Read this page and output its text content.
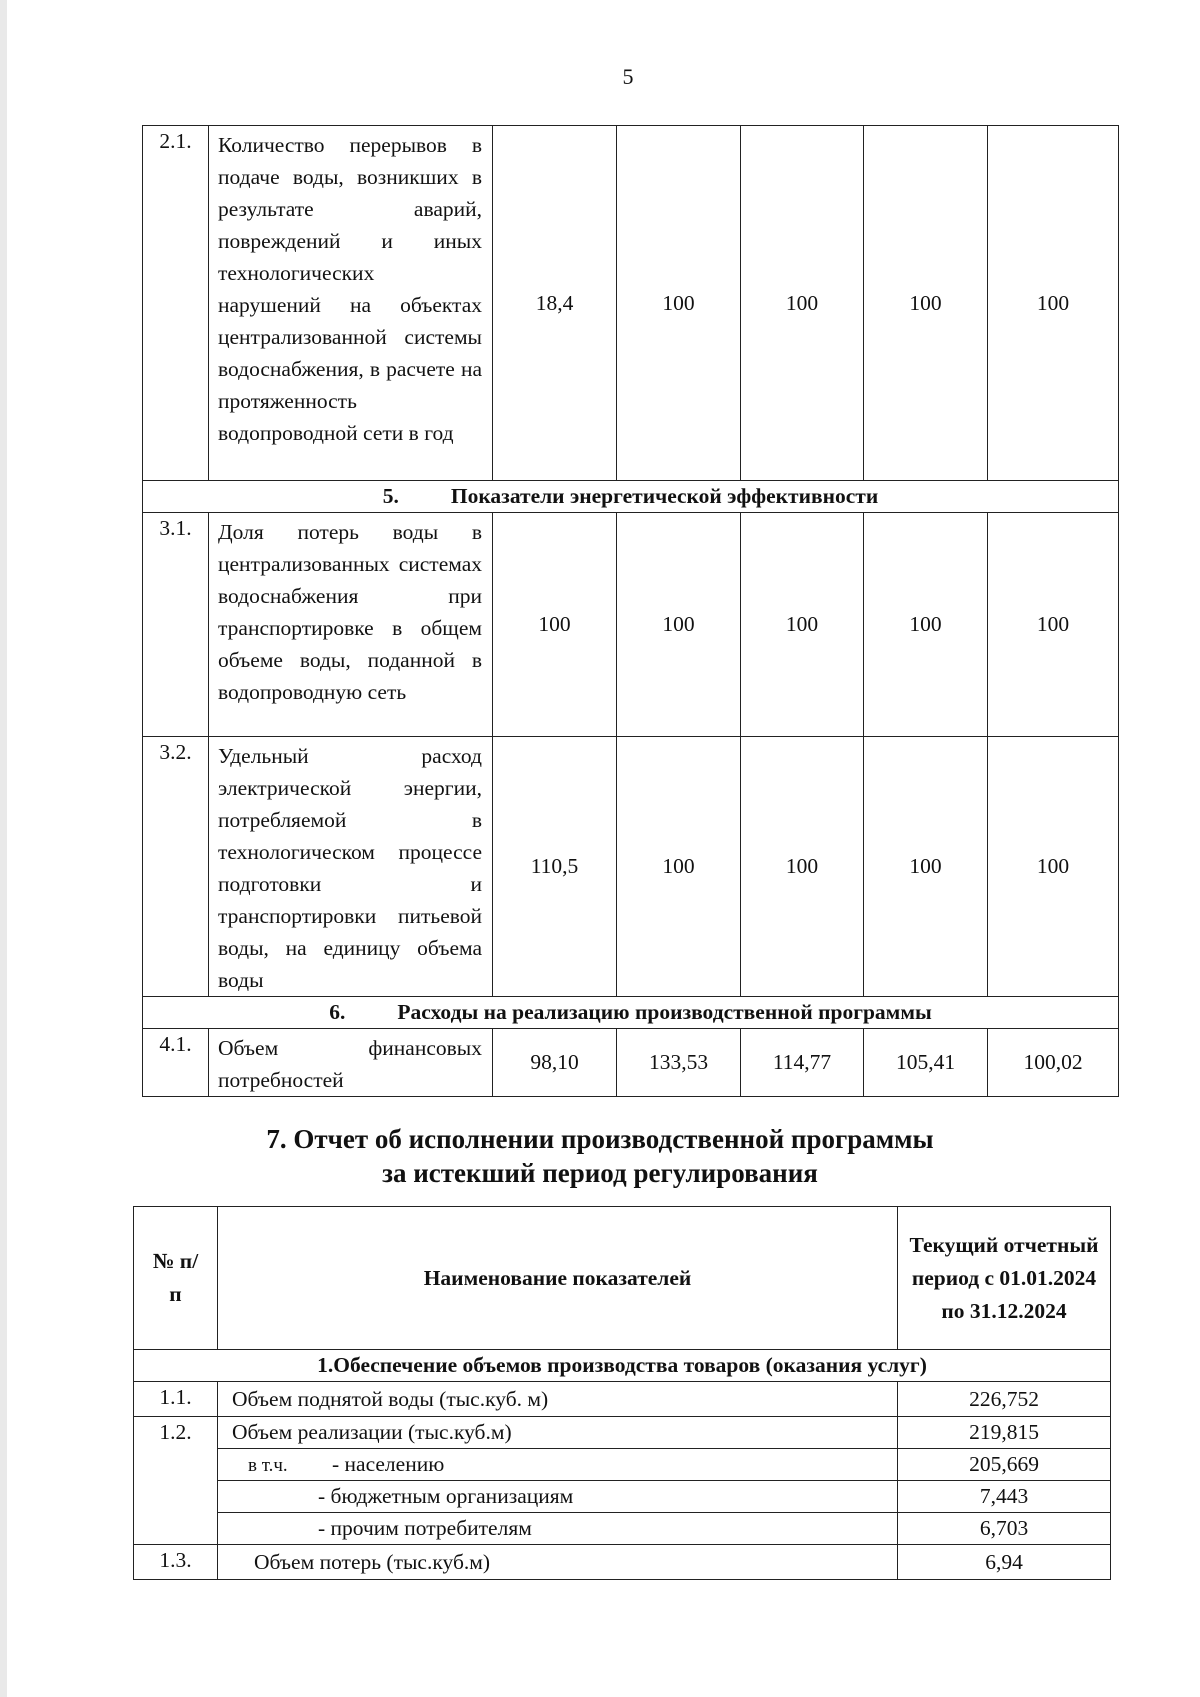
5
2.1.	Количество перерывов в подаче воды, возникших в результате аварий, повреждений и иных технологических нарушений на объектах централизованной системы водоснабжения, в расчете на протяженность водопроводной сети в год	18,4	100	100	100	100
5. Показатели энергетической эффективности						
3.1.	Доля потерь воды в централизованных системах водоснабжения при транспортировке в общем объеме воды, поданной в водопроводную сеть	100	100	100	100	100
3.2.	Удельный расход электрической энергии, потребляемой в технологическом процессе подготовки и транспортировки питьевой воды, на единицу объема воды	110,5	100	100	100	100
6. Расходы на реализацию производственной программы						
4.1.	Объем финансовых потребностей	98,10	133,53	114,77	105,41	100,02
7. Отчет об исполнении производственной программы
за истекший период регулирования
№ п/п	Наименование показателей	Текущий отчетный период с 01.01.2024 по 31.12.2024
1.Обеспечение объемов производства товаров (оказания услуг)		
1.1.	Объем поднятой воды (тыс.куб. м)	226,752
1.2.	Объем реализации (тыс.куб.м)	219,815
	в т.ч. - населению	205,669
	- бюджетным организациям	7,443
	- прочим потребителям	6,703
1.3.	Объем потерь (тыс.куб.м)	6,94
